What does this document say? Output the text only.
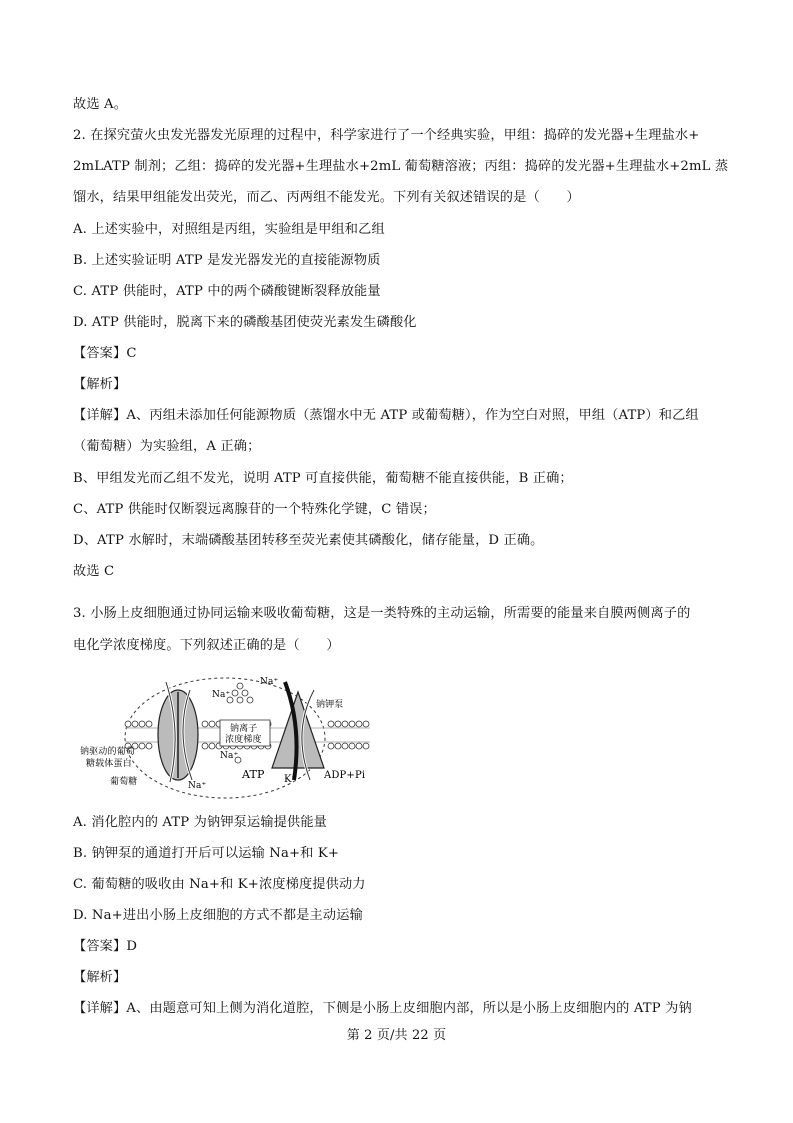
故选 A。
2. 在探究萤火虫发光器发光原理的过程中，科学家进行了一个经典实验，甲组：捣碎的发光器+生理盐水+
2mLATP 制剂；乙组：捣碎的发光器+生理盐水+2mL 葡萄糖溶液；丙组：捣碎的发光器+生理盐水+2mL 蒸
馏水，结果甲组能发出荧光，而乙、丙两组不能发光。下列有关叙述错误的是（　　）
A. 上述实验中，对照组是丙组，实验组是甲组和乙组
B. 上述实验证明 ATP 是发光器发光的直接能源物质
C. ATP 供能时，ATP 中的两个磷酸键断裂释放能量
D. ATP 供能时，脱离下来的磷酸基团使荧光素发生磷酸化
【答案】C
【解析】
【详解】A、丙组未添加任何能源物质（蒸馏水中无 ATP 或葡萄糖），作为空白对照，甲组（ATP）和乙组
（葡萄糖）为实验组，A 正确；
B、甲组发光而乙组不发光，说明 ATP 可直接供能，葡萄糖不能直接供能，B 正确；
C、ATP 供能时仅断裂远离腺苷的一个特殊化学键，C 错误；
D、ATP 水解时，末端磷酸基团转移至荧光素使其磷酸化，储存能量，D 正确。
故选 C
3. 小肠上皮细胞通过协同运输来吸收葡萄糖，这是一类特殊的主动运输，所需要的能量来自膜两侧离子的
电化学浓度梯度。下列叙述正确的是（　　）
Na⁺
Na⁺
钠离子
浓度梯度
钠钾泵
钠驱动的葡萄
糖载体蛋白
葡萄糖
Na⁺
Na⁺
ATP K⁺	ADP+Pi
A. 消化腔内的 ATP 为钠钾泵运输提供能量
B. 钠钾泵的通道打开后可以运输 Na+和 K+
C. 葡萄糖的吸收由 Na+和 K+浓度梯度提供动力
D. Na+进出小肠上皮细胞的方式不都是主动运输
【答案】D
【解析】
【详解】A、由题意可知上侧为消化道腔，下侧是小肠上皮细胞内部，所以是小肠上皮细胞内的 ATP 为钠
第 2 页/共 22 页
